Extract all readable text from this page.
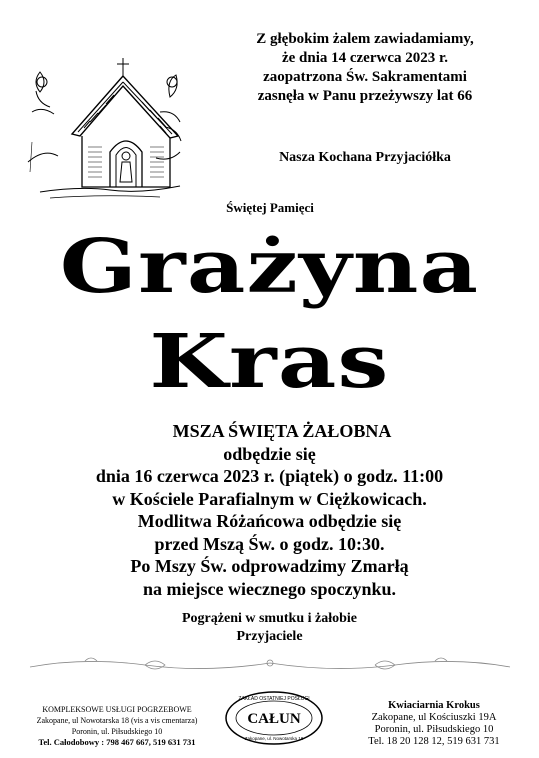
Z głębokim żalem zawiadamiamy,
że dnia 14 czerwca 2023 r.
zaopatrzona Św. Sakramentami
zasnęła w Panu przeżywszy lat 66
Nasza Kochana Przyjaciółka
Świętej Pamięci
Grażyna
Kras
MSZA ŚWIĘTA ŻAŁOBNA
odbędzie się
dnia 16 czerwca 2023 r. (piątek) o godz. 11:00
w Kościele Parafialnym w Ciężkowicach.
Modlitwa Różańcowa odbędzie się
przed Mszą Św. o godz. 10:30.
Po Mszy Św. odprowadzimy Zmarłą
na miejsce wiecznego spoczynku.
Pogrążeni w smutku i żałobie
Przyjaciele
KOMPLEKSOWE USŁUGI POGRZEBOWE
Zakopane, ul Nowotarska 18 (vis a vis cmentarza)
Poronin, ul. Piłsudskiego 10
Tel. Całodobowy : 798 467 667, 519 631 731
ZAKŁAD OSTATNIEJ POSŁUGI
CAŁUN
Zakopane, ul. Nowotarska 18
Kwiaciarnia Krokus
Zakopane, ul Kościuszki 19A
Poronin, ul. Piłsudskiego 10
Tel. 18 20 128 12, 519 631 731
